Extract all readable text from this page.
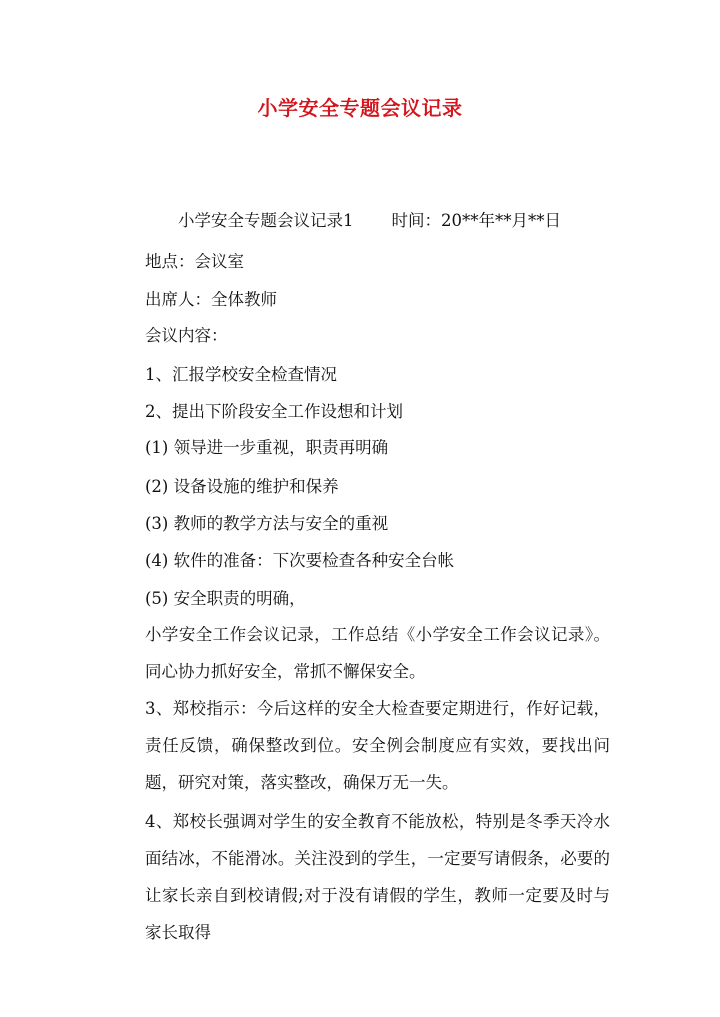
小学安全专题会议记录
小学安全专题会议记录1 时间：20**年**月**日
地点：会议室
出席人：全体教师
会议内容：
1、汇报学校安全检查情况
2、提出下阶段安全工作设想和计划
(1) 领导进一步重视，职责再明确
(2) 设备设施的维护和保养
(3) 教师的教学方法与安全的重视
(4) 软件的准备：下次要检查各种安全台帐
(5) 安全职责的明确，
小学安全工作会议记录，工作总结《小学安全工作会议记录》。同心协力抓好安全，常抓不懈保安全。
3、郑校指示：今后这样的安全大检查要定期进行，作好记载，责任反馈，确保整改到位。安全例会制度应有实效，要找出问题，研究对策，落实整改，确保万无一失。
4、郑校长强调对学生的安全教育不能放松，特别是冬季天冷水面结冰，不能滑冰。关注没到的学生，一定要写请假条，必要的让家长亲自到校请假;对于没有请假的学生，教师一定要及时与家长取得
